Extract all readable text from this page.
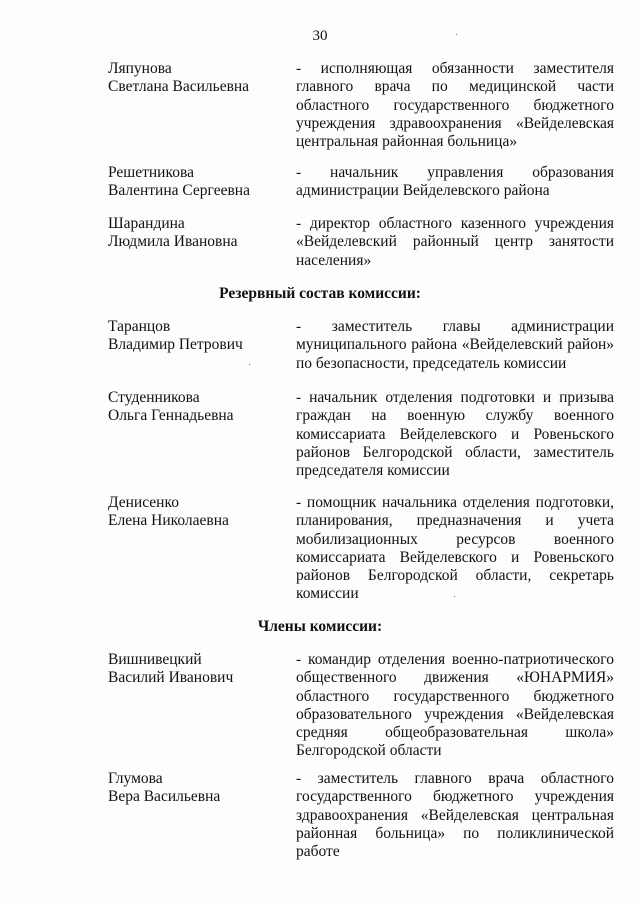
30
Ляпунова
Светлана Васильевна
- исполняющая обязанности заместителя главного врача по медицинской части областного государственного бюджетного учреждения здравоохранения «Вейделевская центральная районная больница»
Решетникова
Валентина Сергеевна
- начальник управления образования администрации Вейделевского района
Шарандина
Людмила Ивановна
- директор областного казенного учреждения «Вейделевский районный центр занятости населения»
Резервный состав комиссии:
Таранцов
Владимир Петрович
- заместитель главы администрации муниципального района «Вейделевский район» по безопасности, председатель комиссии
Студенникова
Ольга Геннадьевна
- начальник отделения подготовки и призыва граждан на военную службу военного комиссариата Вейделевского и Ровеньского районов Белгородской области, заместитель председателя комиссии
Денисенко
Елена Николаевна
- помощник начальника отделения подготовки, планирования, предназначения и учета мобилизационных ресурсов военного комиссариата Вейделевского и Ровеньского районов Белгородской области, секретарь комиссии
Члены комиссии:
Вишнивецкий
Василий Иванович
- командир отделения военно-патриотического общественного движения «ЮНАРМИЯ» областного государственного бюджетного образовательного учреждения «Вейделевская средняя общеобразовательная школа» Белгородской области
Глумова
Вера Васильевна
- заместитель главного врача областного государственного бюджетного учреждения здравоохранения «Вейделевская центральная районная больница» по поликлинической работе
·
·
·
